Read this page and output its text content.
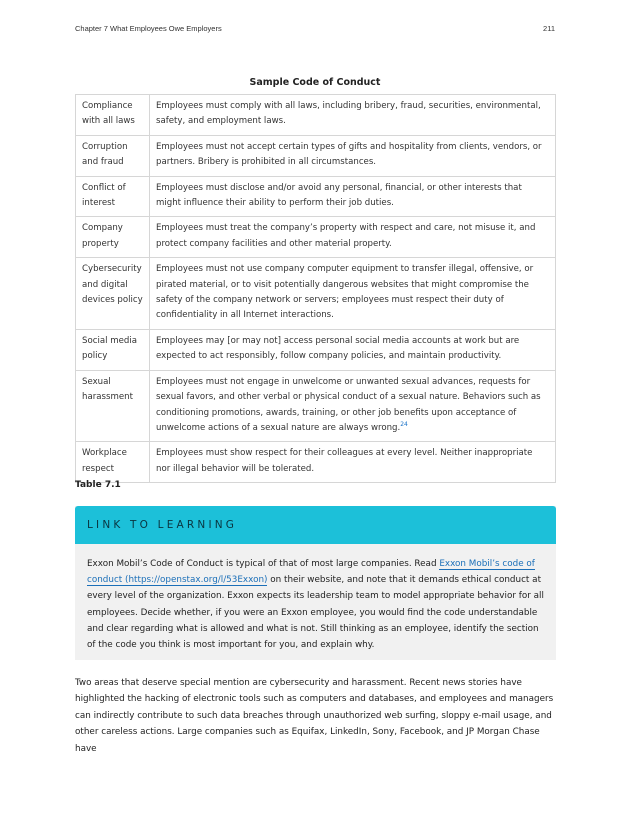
Chapter 7 What Employees Owe Employers	211
Sample Code of Conduct
Compliance with all laws	Employees must comply with all laws, including bribery, fraud, securities, environmental, safety, and employment laws.
Corruption and fraud	Employees must not accept certain types of gifts and hospitality from clients, vendors, or partners. Bribery is prohibited in all circumstances.
Conflict of interest	Employees must disclose and/or avoid any personal, financial, or other interests that might influence their ability to perform their job duties.
Company property	Employees must treat the company’s property with respect and care, not misuse it, and protect company facilities and other material property.
Cybersecurity and digital devices policy	Employees must not use company computer equipment to transfer illegal, offensive, or pirated material, or to visit potentially dangerous websites that might compromise the safety of the company network or servers; employees must respect their duty of confidentiality in all Internet interactions.
Social media policy	Employees may [or may not] access personal social media accounts at work but are expected to act responsibly, follow company policies, and maintain productivity.
Sexual harassment	Employees must not engage in unwelcome or unwanted sexual advances, requests for sexual favors, and other verbal or physical conduct of a sexual nature. Behaviors such as conditioning promotions, awards, training, or other job benefits upon acceptance of unwelcome actions of a sexual nature are always wrong.$^{24}$
Workplace respect	Employees must show respect for their colleagues at every level. Neither inappropriate nor illegal behavior will be tolerated.
Table 7.1
LINK TO LEARNING
Exxon Mobil’s Code of Conduct is typical of that of most large companies. Read Exxon Mobil’s code of conduct (https://openstax.org/l/53Exxon) on their website, and note that it demands ethical conduct at every level of the organization. Exxon expects its leadership team to model appropriate behavior for all employees. Decide whether, if you were an Exxon employee, you would find the code understandable and clear regarding what is allowed and what is not. Still thinking as an employee, identify the section of the code you think is most important for you, and explain why.
Two areas that deserve special mention are cybersecurity and harassment. Recent news stories have highlighted the hacking of electronic tools such as computers and databases, and employees and managers can indirectly contribute to such data breaches through unauthorized web surfing, sloppy e-mail usage, and other careless actions. Large companies such as Equifax, LinkedIn, Sony, Facebook, and JP Morgan Chase have
